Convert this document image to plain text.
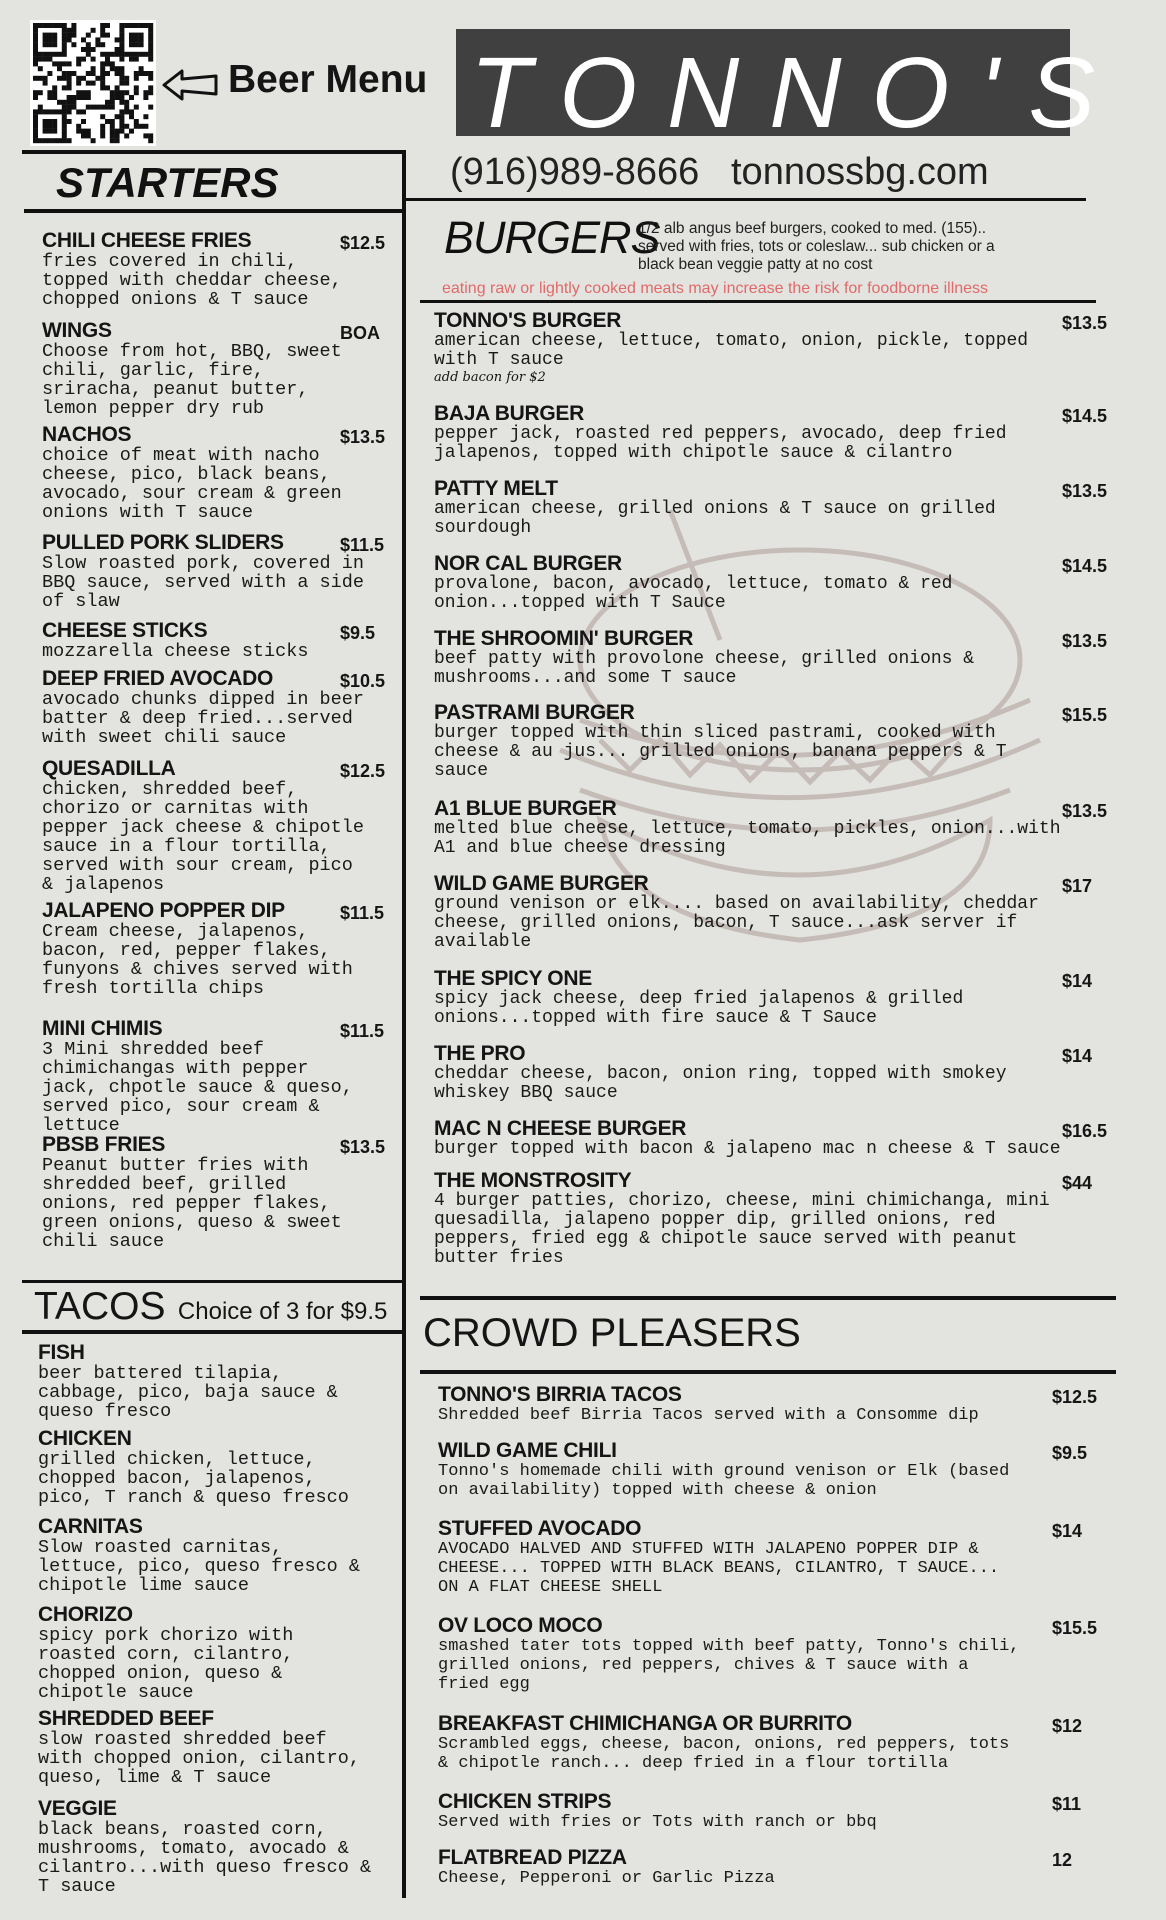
Beer Menu TONNO'S
(916)989-8666 tonnossbg.com
STARTERS
CHILI CHEESE FRIES	$12.5
fries covered in chili,
topped with cheddar cheese,
chopped onions & T sauce
WINGS	BOA
Choose from hot, BBQ, sweet
chili, garlic, fire,
sriracha, peanut butter,
lemon pepper dry rub
NACHOS	$13.5
choice of meat with nacho
cheese, pico, black beans,
avocado, sour cream & green
onions with T sauce
PULLED PORK SLIDERS	$11.5
Slow roasted pork, covered in
BBQ sauce, served with a side
of slaw
CHEESE STICKS	$9.5
mozzarella cheese sticks
DEEP FRIED AVOCADO	$10.5
avocado chunks dipped in beer
batter & deep fried...served
with sweet chili sauce
QUESADILLA	$12.5
chicken, shredded beef,
chorizo or carnitas with
pepper jack cheese & chipotle
sauce in a flour tortilla,
served with sour cream, pico
& jalapenos
JALAPENO POPPER DIP	$11.5
Cream cheese, jalapenos,
bacon, red, pepper flakes,
funyons & chives served with
fresh tortilla chips
MINI CHIMIS	$11.5
3 Mini shredded beef
chimichangas with pepper
jack, chpotle sauce & queso,
served pico, sour cream &
lettuce
PBSB FRIES	$13.5
Peanut butter fries with
shredded beef, grilled
onions, red pepper flakes,
green onions, queso & sweet
chili sauce
TACOS Choice of 3 for $9.5
FISH
beer battered tilapia,
cabbage, pico, baja sauce &
queso fresco
CHICKEN
grilled chicken, lettuce,
chopped bacon, jalapenos,
pico, T ranch & queso fresco
CARNITAS
Slow roasted carnitas,
lettuce, pico, queso fresco &
chipotle lime sauce
CHORIZO
spicy pork chorizo with
roasted corn, cilantro,
chopped onion, queso &
chipotle sauce
SHREDDED BEEF
slow roasted shredded beef
with chopped onion, cilantro,
queso, lime & T sauce
VEGGIE
black beans, roasted corn,
mushrooms, tomato, avocado &
cilantro...with queso fresco &
T sauce
BURGERS
1/2 alb angus beef burgers, cooked to med. (155)..
served with fries, tots or coleslaw... sub chicken or a
black bean veggie patty at no cost
eating raw or lightly cooked meats may increase the risk for foodborne illness
TONNO'S BURGER	$13.5
american cheese, lettuce, tomato, onion, pickle, topped
with T sauce
add bacon for $2
BAJA BURGER	$14.5
pepper jack, roasted red peppers, avocado, deep fried
jalapenos, topped with chipotle sauce & cilantro
PATTY MELT	$13.5
american cheese, grilled onions & T sauce on grilled
sourdough
NOR CAL BURGER	$14.5
provalone, bacon, avocado, lettuce, tomato & red
onion...topped with T Sauce
THE SHROOMIN' BURGER	$13.5
beef patty with provolone cheese, grilled onions &
mushrooms...and some T sauce
PASTRAMI BURGER	$15.5
burger topped with thin sliced pastrami, cooked with
cheese & au jus... grilled onions, banana peppers & T
sauce
A1 BLUE BURGER	$13.5
melted blue cheese, lettuce, tomato, pickles, onion...with
A1 and blue cheese dressing
WILD GAME BURGER	$17
ground venison or elk.... based on availability, cheddar
cheese, grilled onions, bacon, T sauce...ask server if
available
THE SPICY ONE	$14
spicy jack cheese, deep fried jalapenos & grilled
onions...topped with fire sauce & T Sauce
THE PRO	$14
cheddar cheese, bacon, onion ring, topped with smokey
whiskey BBQ sauce
MAC N CHEESE BURGER	$16.5
burger topped with bacon & jalapeno mac n cheese & T sauce
THE MONSTROSITY	$44
4 burger patties, chorizo, cheese, mini chimichanga, mini
quesadilla, jalapeno popper dip, grilled onions, red
peppers, fried egg & chipotle sauce served with peanut
butter fries
CROWD PLEASERS
TONNO'S BIRRIA TACOS	$12.5
Shredded beef Birria Tacos served with a Consomme dip
WILD GAME CHILI	$9.5
Tonno's homemade chili with ground venison or Elk (based
on availability) topped with cheese & onion
STUFFED AVOCADO	$14
AVOCADO HALVED AND STUFFED WITH JALAPENO POPPER DIP &
CHEESE... TOPPED WITH BLACK BEANS, CILANTRO, T SAUCE...
ON A FLAT CHEESE SHELL
OV LOCO MOCO	$15.5
smashed tater tots topped with beef patty, Tonno's chili,
grilled onions, red peppers, chives & T sauce with a
fried egg
BREAKFAST CHIMICHANGA OR BURRITO	$12
Scrambled eggs, cheese, bacon, onions, red peppers, tots
& chipotle ranch... deep fried in a flour tortilla
CHICKEN STRIPS	$11
Served with fries or Tots with ranch or bbq
FLATBREAD PIZZA	12
Cheese, Pepperoni or Garlic Pizza
